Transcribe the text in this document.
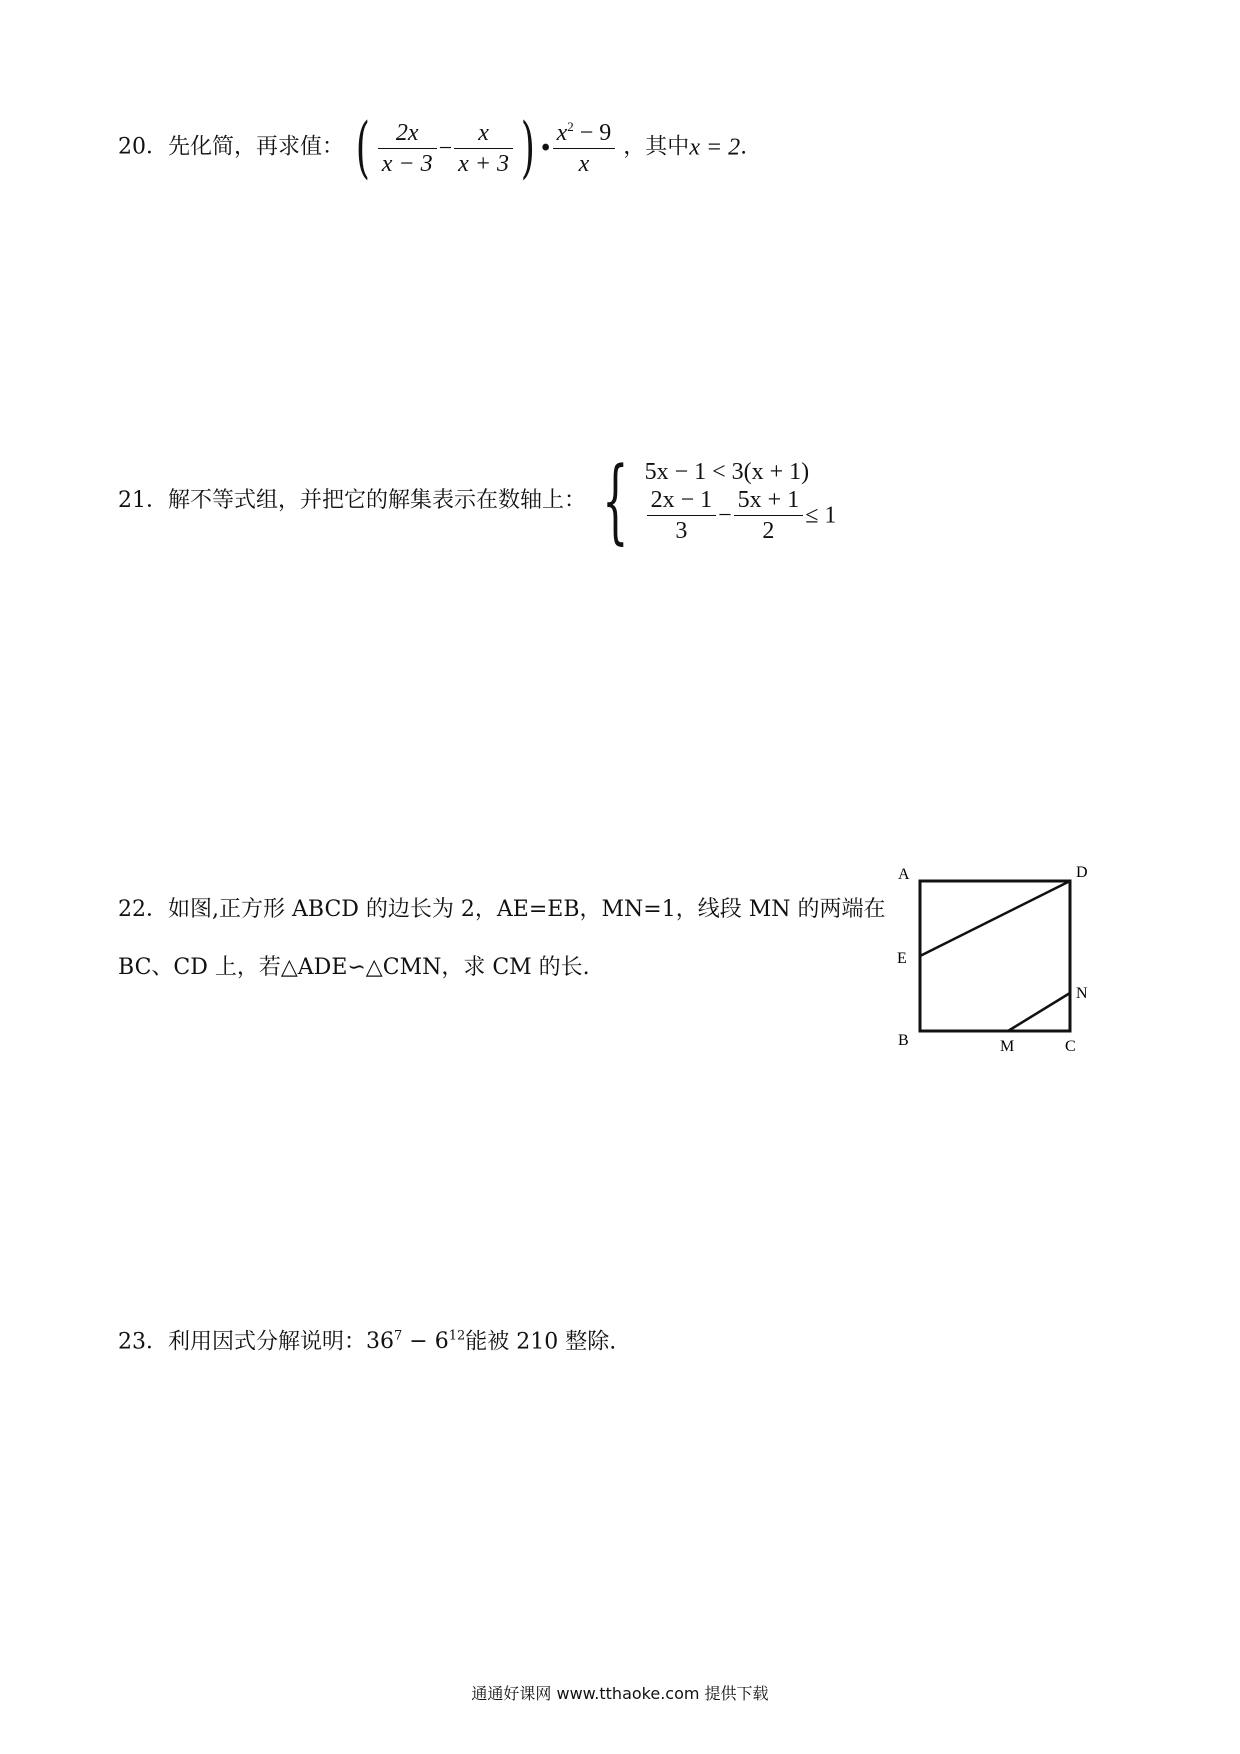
20．先化简，再求值： ( $\frac{2x}{x - 3} - \frac{x}{x + 3}$ ) • $\frac{x^2 - 9}{x}$ ，其中x = 2.
21．解不等式组，并把它的解集表示在数轴上： { 5x − 1 < 3(x + 1)
$\frac{2x - 1}{3} - \frac{5x + 1}{2} \le 1$
22．如图,正方形 ABCD 的边长为 2，AE=EB，MN=1，线段 MN 的两端在
BC、CD 上，若△ADE∽△CMN，求 CM 的长.
A	D
E
N
B	M	C
23．利用因式分解说明：$36^7 - 6^{12}$能被 210 整除.
通通好课网 www.tthaoke.com 提供下载
